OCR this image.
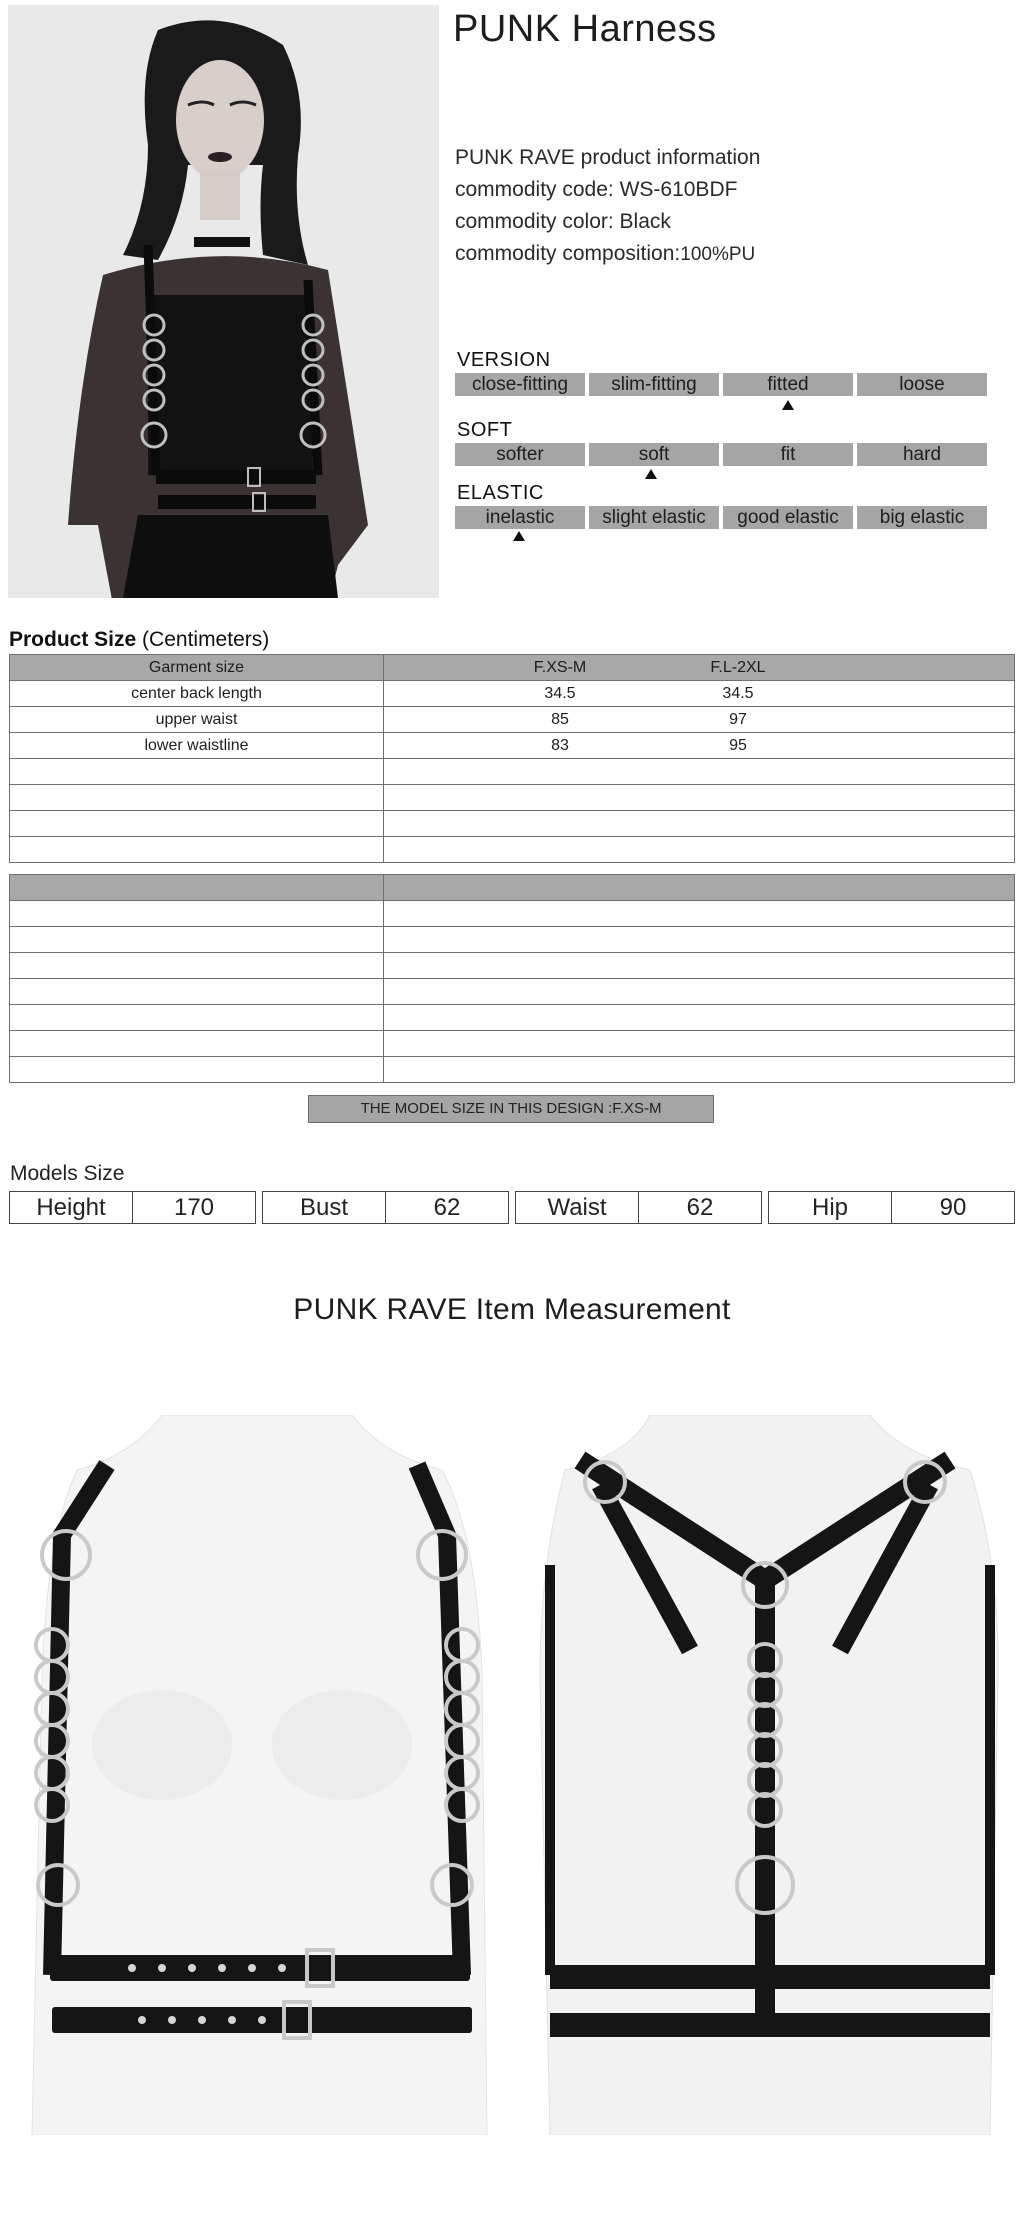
PUNK Harness
PUNK RAVE product information
commodity code: WS-610BDF
commodity color: Black
commodity composition:100%PU
VERSION
close-fitting	slim-fitting	fitted	loose
SOFT
softer	soft	fit	hard
ELASTIC
inelastic	slight elastic	good elastic	big elastic
Product Size (Centimeters)
Garment size	F.XS-M F.L-2XL

center back length	34.5 34.5

upper waist	85 97

lower waistline	83 95

THE MODEL SIZE IN THIS DESIGN :F.XS-M
Models Size
Height	170	Bust	62	Waist	62	Hip	90
PUNK RAVE Item Measurement
